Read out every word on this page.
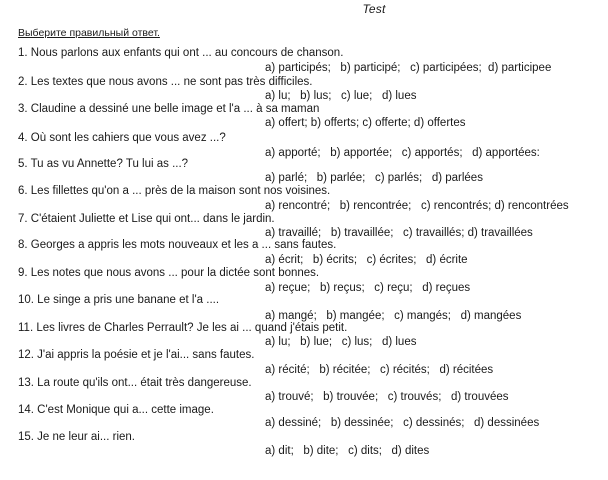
Test
Выберите правильный ответ.
1. Nous parlons aux enfants qui ont ... au concours de chanson.
a) participés;   b) participé;   c) participées;  d) participee
2. Les textes que nous avons ... ne sont pas très difficiles.
a) lu;   b) lus;   c) lue;   d) lues
3. Claudine a dessiné une belle image et l'a ... à sa maman
a) offert; b) offerts; c) offerte; d) offertes
4. Où sont les cahiers que vous avez ...?
a) apporté;   b) apportée;   c) apportés;   d) apportées:
5. Tu as vu Annette? Tu lui as ...?
a) parlé;   b) parlée;   c) parlés;   d) parlées
6. Les fillettes qu'on a ... près de la maison sont nos voisines.
a) rencontré;   b) rencontrée;   c) rencontrés; d) rencontrées
7. C'étaient Juliette et Lise qui ont... dans le jardin.
a) travaillé;   b) travaillée;   c) travaillés; d) travaillées
8. Georges a appris les mots nouveaux et les a ... sans fautes.
a) écrit;   b) écrits;   c) écrites;   d) écrite
9. Les notes que nous avons ... pour la dictée sont bonnes.
a) reçue;   b) reçus;   c) reçu;   d) reçues
10. Le singe a pris une banane et l'a ....
a) mangé;   b) mangée;   c) mangés;   d) mangées
11. Les livres de Charles Perrault? Je les ai ... quand j'étais petit.
a) lu;   b) lue;   c) lus;   d) lues
12. J'ai appris la poésie et je l'ai... sans fautes.
a) récité;   b) récitée;   c) récités;   d) récitées
13. La route qu'ils ont... était très dangereuse.
a) trouvé;   b) trouvée;   c) trouvés;   d) trouvées
14. C'est Monique qui a... cette image.
a) dessiné;   b) dessinée;   c) dessinés;   d) dessinées
15. Je ne leur ai... rien.
a) dit;   b) dite;   c) dits;   d) dites
